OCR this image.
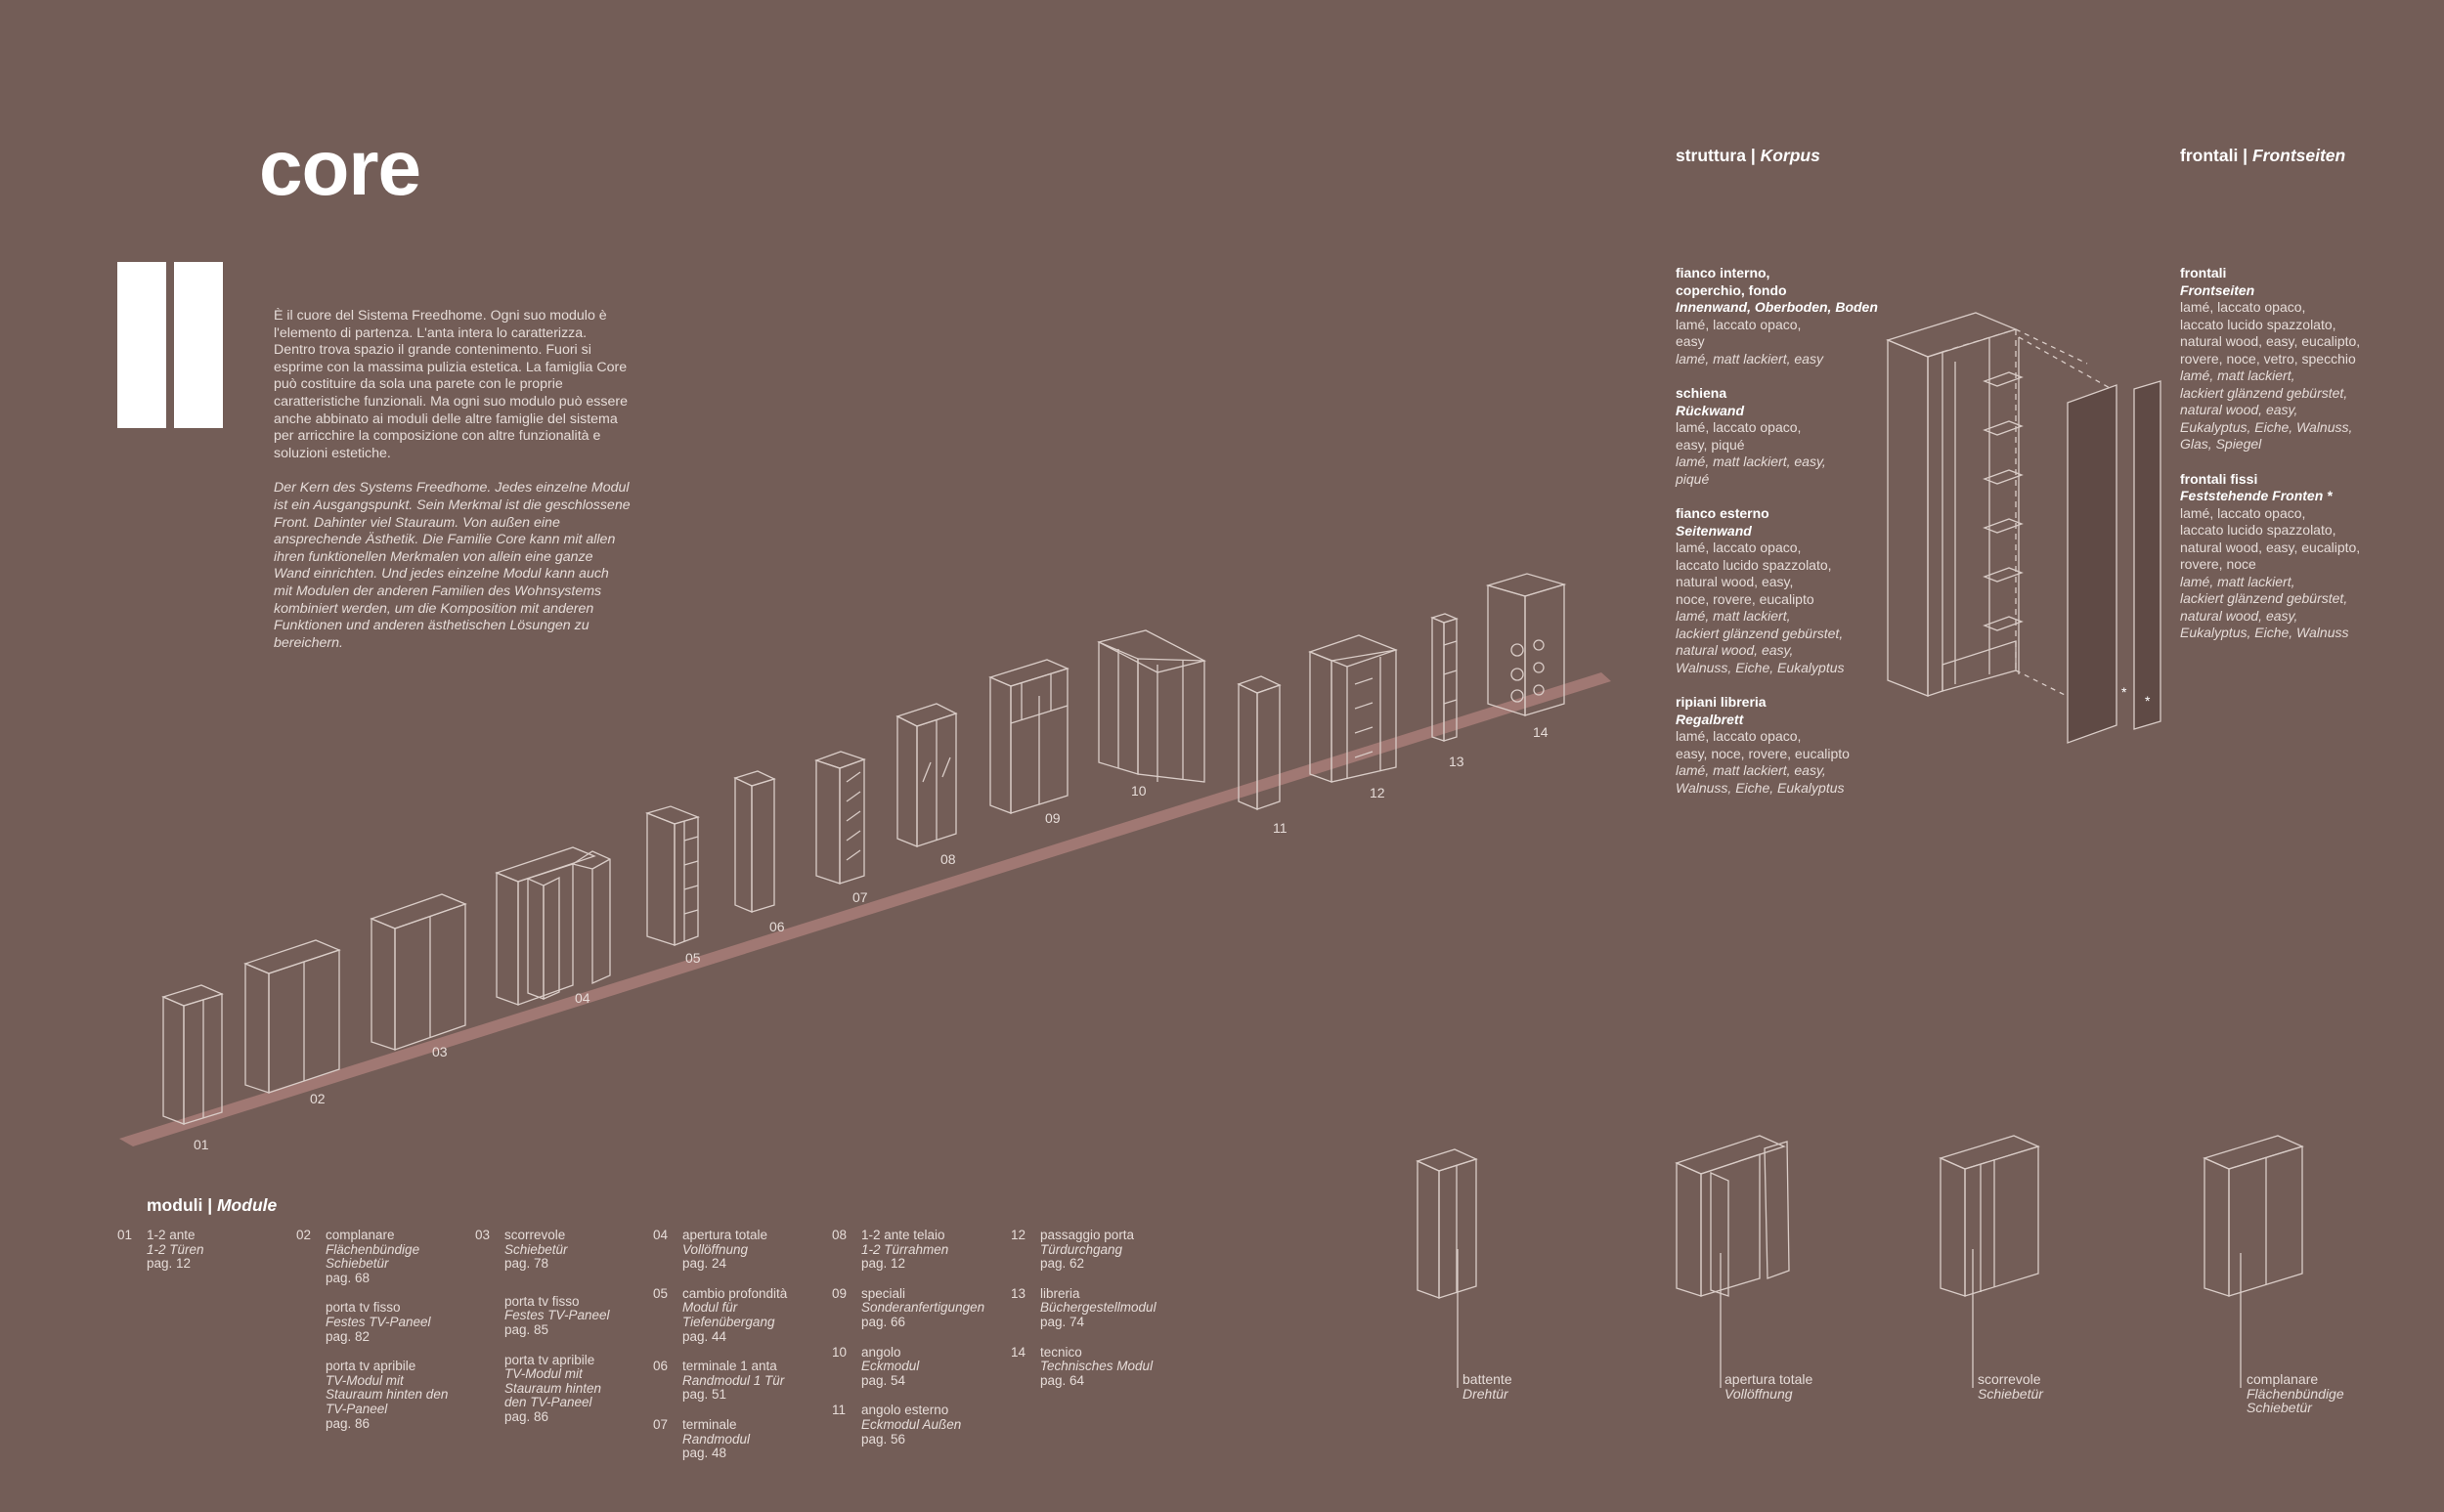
core

È il cuore del Sistema Freedhome. Ogni suo modulo è l'elemento di partenza. L'anta intera lo caratterizza. Dentro trova spazio il grande contenimento. Fuori si esprime con la massima pulizia estetica. La famiglia Core può costituire da sola una parete con le proprie caratteristiche funzionali. Ma ogni suo modulo può essere anche abbinato ai moduli delle altre famiglie del sistema per arricchire la composizione con altre funzionalità e soluzioni estetiche.

Der Kern des Systems Freedhome. Jedes einzelne Modul ist ein Ausgangspunkt. Sein Merkmal ist die geschlossene Front. Dahinter viel Stauraum. Von außen eine ansprechende Ästhetik. Die Familie Core kann mit allen ihren funktionellen Merkmalen von allein eine ganze Wand einrichten. Und jedes einzelne Modul kann auch mit Modulen der anderen Familien des Wohnsystems kombiniert werden, um die Komposition mit anderen Funktionen und anderen ästhetischen Lösungen zu bereichern.

*
*
01
02
03
04
05
06
07
08
09
10
11
12
13
14
struttura | Korpus	frontali | Frontseiten
fianco interno,
coperchio, fondo
Innenwand, Oberboden, Boden
lamé, laccato opaco,
easy
lamé, matt lackiert, easy
schiena
Rückwand
lamé, laccato opaco,
easy, piqué
lamé, matt lackiert, easy,
piqué
fianco esterno
Seitenwand
lamé, laccato opaco,
laccato lucido spazzolato,
natural wood, easy,
noce, rovere, eucalipto
lamé, matt lackiert,
lackiert glänzend gebürstet,
natural wood, easy,
Walnuss, Eiche, Eukalyptus
ripiani libreria
Regalbrett
lamé, laccato opaco,
easy, noce, rovere, eucalipto
lamé, matt lackiert, easy,
Walnuss, Eiche, Eukalyptus
frontali
Frontseiten
lamé, laccato opaco,
laccato lucido spazzolato,
natural wood, easy, eucalipto,
rovere, noce, vetro, specchio
lamé, matt lackiert,
lackiert glänzend gebürstet,
natural wood, easy,
Eukalyptus, Eiche, Walnuss,
Glas, Spiegel
frontali fissi
Feststehende Fronten *
lamé, laccato opaco,
laccato lucido spazzolato,
natural wood, easy, eucalipto,
rovere, noce
lamé, matt lackiert,
lackiert glänzend gebürstet,
natural wood, easy,
Eukalyptus, Eiche, Walnuss
moduli | Module
01 1-2 ante
1-2 Türen
pag. 12
02 complanare
Flächenbündige Schiebetür
pag. 68
porta tv fisso
Festes TV-Paneel
pag. 82
porta tv apribile
TV-Modul mit Stauraum hinten den TV-Paneel
pag. 86
03 scorrevole
Schiebetür
pag. 78
porta tv fisso
Festes TV-Paneel
pag. 85
porta tv apribile
TV-Modul mit Stauraum hinten den TV-Paneel
pag. 86
04 apertura totale
Vollöffnung
pag. 24
05 cambio profondità
Modul für Tiefenübergang
pag. 44
06 terminale 1 anta
Randmodul 1 Tür
pag. 51
07 terminale
Randmodul
pag. 48
08 1-2 ante telaio
1-2 Türrahmen
pag. 12
09 speciali
Sonderanfertigungen
pag. 66
10 angolo
Eckmodul
pag. 54
11 angolo esterno
Eckmodul Außen
pag. 56
12 passaggio porta
Türdurchgang
pag. 62
13 libreria
Büchergestellmodul
pag. 74
14 tecnico
Technisches Modul
pag. 64	battente
Drehtür
apertura totale
Vollöffnung
scorrevole
Schiebetür
complanare
Flächenbündige Schiebetür
